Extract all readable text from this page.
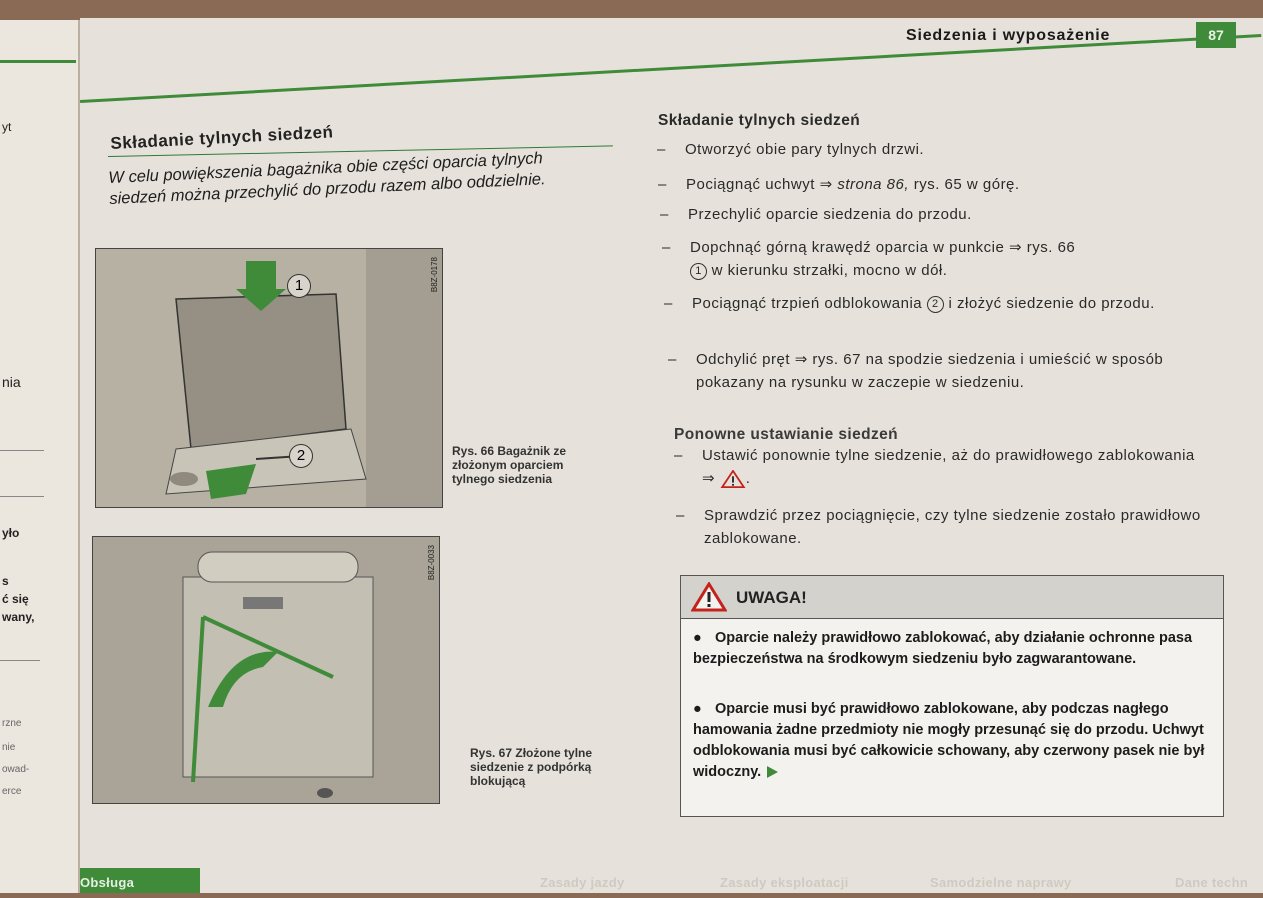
yt
nia
yło
s
ć się
wany,
rzne
nie
owad-
erce
Siedzenia i wyposażenie	87
Składanie tylnych siedzeń
W celu powiększenia bagażnika obie części oparcia tylnych siedzeń można przechylić do przodu razem albo oddzielnie.
1
2
B8Z-0178
Rys. 66 Bagażnik ze złożonym oparciem tylnego siedzenia
B8Z-0033
Rys. 67 Złożone tylne siedzenie z podpórką blokującą
Składanie tylnych siedzeń
– Otworzyć obie pary tylnych drzwi.
– Pociągnąć uchwyt ⇒ strona 86, rys. 65 w górę.
– Przechylić oparcie siedzenia do przodu.
– Dopchnąć górną krawędź oparcia w punkcie ⇒ rys. 66
1 w kierunku strzałki, mocno w dół.
– Pociągnąć trzpień odblokowania 2 i złożyć siedzenie do przodu.
– Odchylić pręt ⇒ rys. 67 na spodzie siedzenia i umieścić w sposób pokazany na rysunku w zaczepie w siedzeniu.
Ponowne ustawianie siedzeń
– Ustawić ponownie tylne siedzenie, aż do prawidłowego zablokowania ⇒ .
– Sprawdzić przez pociągnięcie, czy tylne siedzenie zostało prawidłowo zablokowane.
UWAGA!
● Oparcie należy prawidłowo zablokować, aby działanie ochronne pasa bezpieczeństwa na środkowym siedzeniu było zagwarantowane.
● Oparcie musi być prawidłowo zablokowane, aby podczas nagłego hamowania żadne przedmioty nie mogły przesunąć się do przodu. Uchwyt odblokowania musi być całkowicie schowany, aby czerwony pasek nie był widoczny.
Obsługa	Zasady jazdy	Zasady eksploatacji	Samodzielne naprawy	Dane techn
